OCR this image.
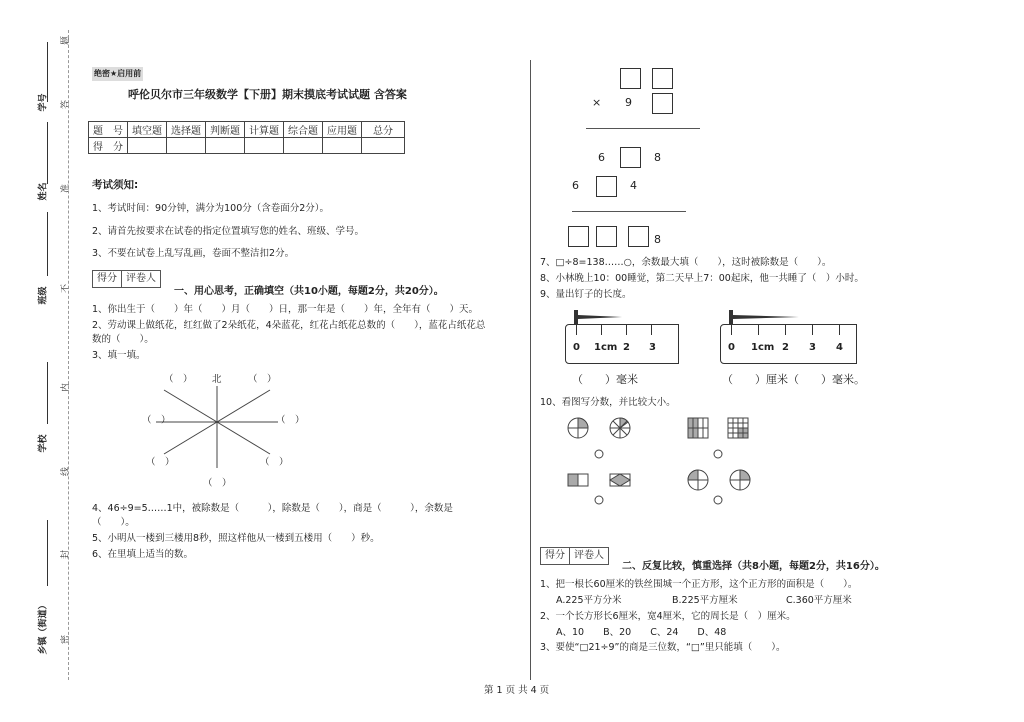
学号
姓名
班级
学校
乡镇（街道）
题
答
准
不
内
线
封
密
绝密★启用前
呼伦贝尔市三年级数学【下册】期末摸底考试试题 含答案
题　号	填空题	选择题	判断题	计算题	综合题	应用题	总分
得　分							
考试须知:
1、考试时间：90分钟，满分为100分（含卷面分2分）。
2、请首先按要求在试卷的指定位置填写您的姓名、班级、学号。
3、不要在试卷上乱写乱画，卷面不整洁扣2分。
得分 评卷人
一、用心思考，正确填空（共10小题，每题2分，共20分）。
1、你出生于（　　）年（　　）月（　　）日，那一年是（　　）年，全年有（　　）天。
2、劳动课上做纸花，红红做了2朵纸花，4朵蓝花，红花占纸花总数的（　　），蓝花占纸花总
数的（　　）。
3、填一填。
（　） 北	（　）
（　）	（　）
（　）	（　）
（　）
4、46÷9=5……1中，被除数是（　　　），除数是（　　），商是（　　　），余数是
（　　）。
5、小明从一楼到三楼用8秒，照这样他从一楼到五楼用（　　）秒。
6、在里填上适当的数。
× 9
6	8
6	4
8
7、□÷8=138……○，余数最大填（　　），这时被除数是（　　）。
8、小林晚上10：00睡觉，第二天早上7：00起床，他一共睡了（　）小时。
9、量出钉子的长度。
0 1cm 2 3	0 1cm 2 3 4
（　　）毫米	（　　）厘米（　　）毫米。
10、看图写分数，并比较大小。
得分 评卷人
二、反复比较，慎重选择（共8小题，每题2分，共16分）。
1、把一根长60厘米的铁丝围城一个正方形，这个正方形的面积是（　　）。
A.225平方分米	B.225平方厘米	C.360平方厘米
2、一个长方形长6厘米，宽4厘米，它的周长是（　）厘米。
A、10　　B、20　　C、24　　D、48
3、要使“□21÷9”的商是三位数，“□”里只能填（　　）。
第 1 页 共 4 页
